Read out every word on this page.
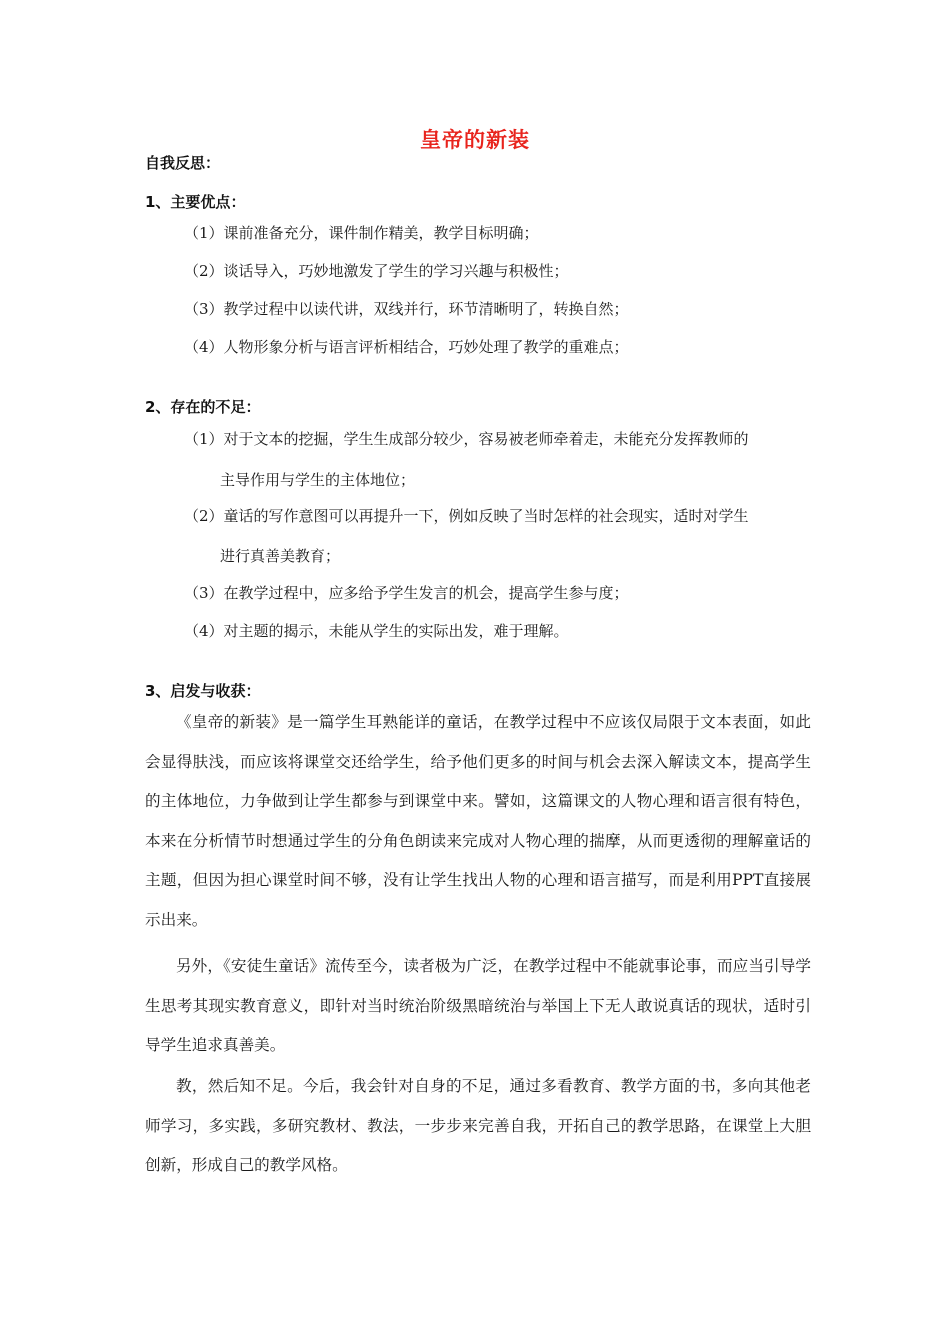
皇帝的新装
自我反思：
1、主要优点：
（1）课前准备充分，课件制作精美，教学目标明确；
（2）谈话导入，巧妙地激发了学生的学习兴趣与积极性；
（3）教学过程中以读代讲，双线并行，环节清晰明了，转换自然；
（4）人物形象分析与语言评析相结合，巧妙处理了教学的重难点；
2、存在的不足：
（1）对于文本的挖掘，学生生成部分较少，容易被老师牵着走，未能充分发挥教师的
主导作用与学生的主体地位；
（2）童话的写作意图可以再提升一下，例如反映了当时怎样的社会现实，适时对学生
进行真善美教育；
（3）在教学过程中，应多给予学生发言的机会，提高学生参与度；
（4）对主题的揭示，未能从学生的实际出发，难于理解。
3、启发与收获：
《皇帝的新装》是一篇学生耳熟能详的童话，在教学过程中不应该仅局限于文本表面，如此会显得肤浅，而应该将课堂交还给学生，给予他们更多的时间与机会去深入解读文本，提高学生的主体地位，力争做到让学生都参与到课堂中来。譬如，这篇课文的人物心理和语言很有特色，本来在分析情节时想通过学生的分角色朗读来完成对人物心理的揣摩，从而更透彻的理解童话的主题，但因为担心课堂时间不够，没有让学生找出人物的心理和语言描写，而是利用PPT直接展示出来。
另外，《安徒生童话》流传至今，读者极为广泛，在教学过程中不能就事论事，而应当引导学生思考其现实教育意义，即针对当时统治阶级黑暗统治与举国上下无人敢说真话的现状，适时引导学生追求真善美。
教，然后知不足。今后，我会针对自身的不足，通过多看教育、教学方面的书，多向其他老师学习，多实践，多研究教材、教法，一步步来完善自我，开拓自己的教学思路，在课堂上大胆创新，形成自己的教学风格。
